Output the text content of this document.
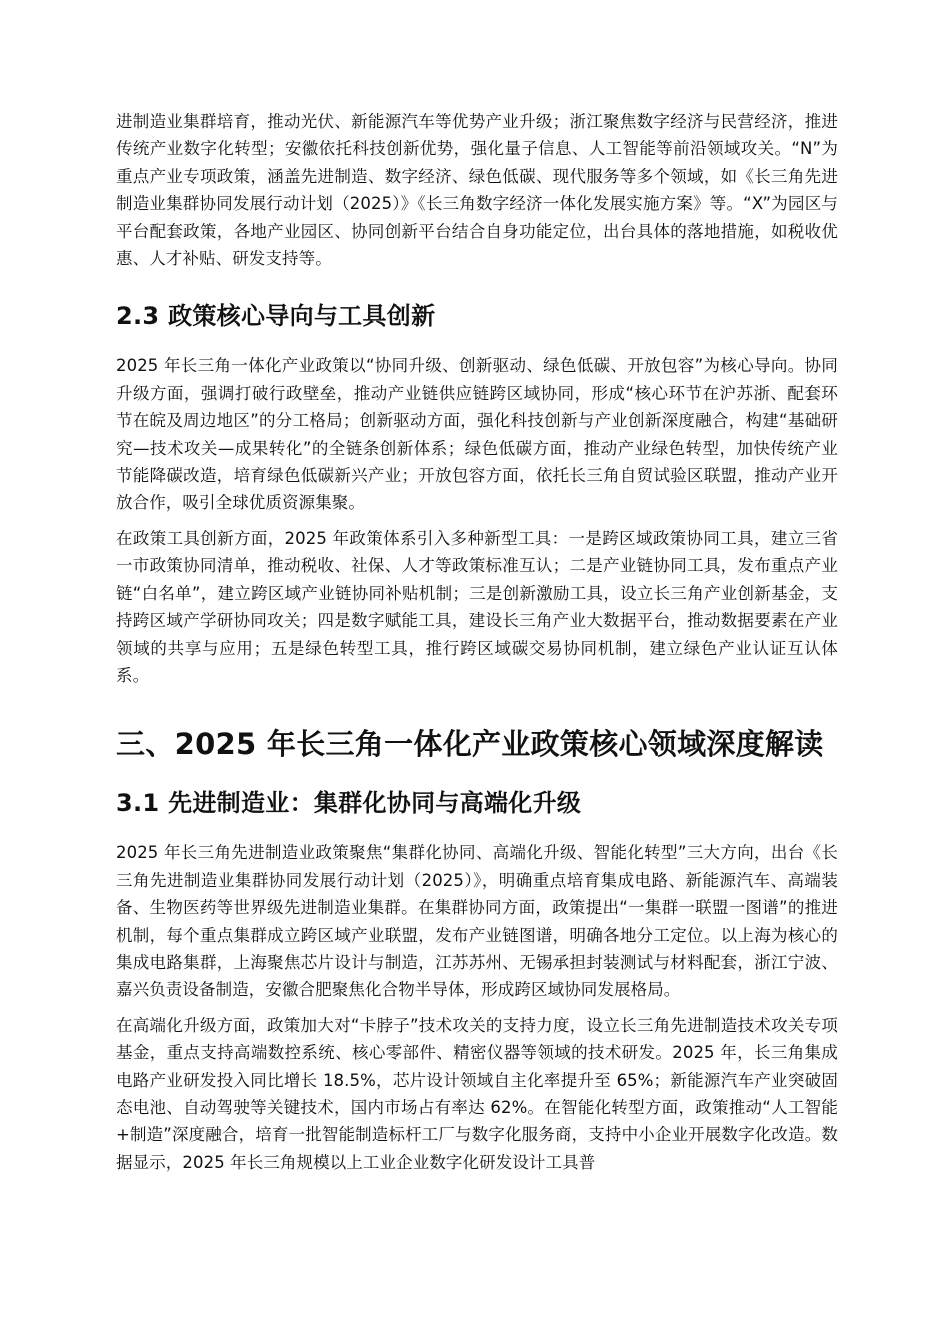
进制造业集群培育，推动光伏、新能源汽车等优势产业升级；浙江聚焦数字经济与民营经济，推进传统产业数字化转型；安徽依托科技创新优势，强化量子信息、人工智能等前沿领域攻关。“N”为重点产业专项政策，涵盖先进制造、数字经济、绿色低碳、现代服务等多个领域，如《长三角先进制造业集群协同发展行动计划（2025）》《长三角数字经济一体化发展实施方案》等。“X”为园区与平台配套政策，各地产业园区、协同创新平台结合自身功能定位，出台具体的落地措施，如税收优惠、人才补贴、研发支持等。

2.3 政策核心导向与工具创新

2025 年长三角一体化产业政策以“协同升级、创新驱动、绿色低碳、开放包容”为核心导向。协同升级方面，强调打破行政壁垒，推动产业链供应链跨区域协同，形成“核心环节在沪苏浙、配套环节在皖及周边地区”的分工格局；创新驱动方面，强化科技创新与产业创新深度融合，构建“基础研究—技术攻关—成果转化”的全链条创新体系；绿色低碳方面，推动产业绿色转型，加快传统产业节能降碳改造，培育绿色低碳新兴产业；开放包容方面，依托长三角自贸试验区联盟，推动产业开放合作，吸引全球优质资源集聚。

在政策工具创新方面，2025 年政策体系引入多种新型工具：一是跨区域政策协同工具，建立三省一市政策协同清单，推动税收、社保、人才等政策标准互认；二是产业链协同工具，发布重点产业链“白名单”，建立跨区域产业链协同补贴机制；三是创新激励工具，设立长三角产业创新基金，支持跨区域产学研协同攻关；四是数字赋能工具，建设长三角产业大数据平台，推动数据要素在产业领域的共享与应用；五是绿色转型工具，推行跨区域碳交易协同机制，建立绿色产业认证互认体系。

三、2025 年长三角一体化产业政策核心领域深度解读
3.1 先进制造业：集群化协同与高端化升级

2025 年长三角先进制造业政策聚焦“集群化协同、高端化升级、智能化转型”三大方向，出台《长三角先进制造业集群协同发展行动计划（2025）》，明确重点培育集成电路、新能源汽车、高端装备、生物医药等世界级先进制造业集群。在集群协同方面，政策提出“一集群一联盟一图谱”的推进机制，每个重点集群成立跨区域产业联盟，发布产业链图谱，明确各地分工定位。以上海为核心的集成电路集群，上海聚焦芯片设计与制造，江苏苏州、无锡承担封装测试与材料配套，浙江宁波、嘉兴负责设备制造，安徽合肥聚焦化合物半导体，形成跨区域协同发展格局。

在高端化升级方面，政策加大对“卡脖子”技术攻关的支持力度，设立长三角先进制造技术攻关专项基金，重点支持高端数控系统、核心零部件、精密仪器等领域的技术研发。2025 年，长三角集成电路产业研发投入同比增长 18.5%，芯片设计领域自主化率提升至 65%；新能源汽车产业突破固态电池、自动驾驶等关键技术，国内市场占有率达 62%。在智能化转型方面，政策推动“人工智能+制造”深度融合，培育一批智能制造标杆工厂与数字化服务商，支持中小企业开展数字化改造。数据显示，2025 年长三角规模以上工业企业数字化研发设计工具普
